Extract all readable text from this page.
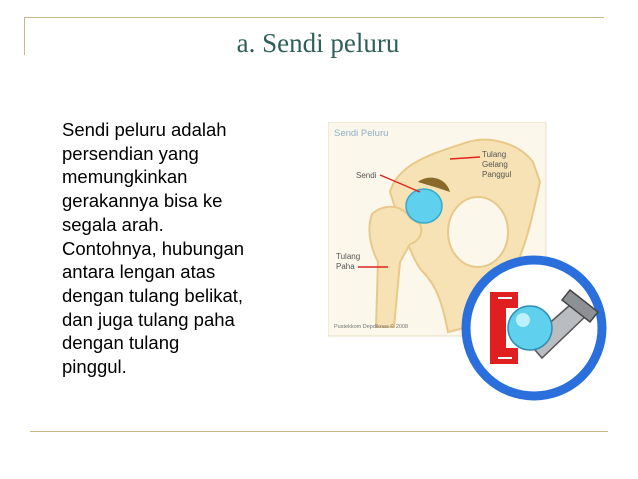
a. Sendi peluru

Sendi peluru adalah
persendian yang
memungkinkan
gerakannya bisa ke
segala arah.
Contohnya, hubungan
antara lengan atas
dengan tulang belikat,
dan juga tulang paha
dengan tulang
pinggul.

Sendi Peluru
Sendi
Tulang
Gelang
Panggul
Tulang
Paha
Pustekkom Depdiknas © 2008
